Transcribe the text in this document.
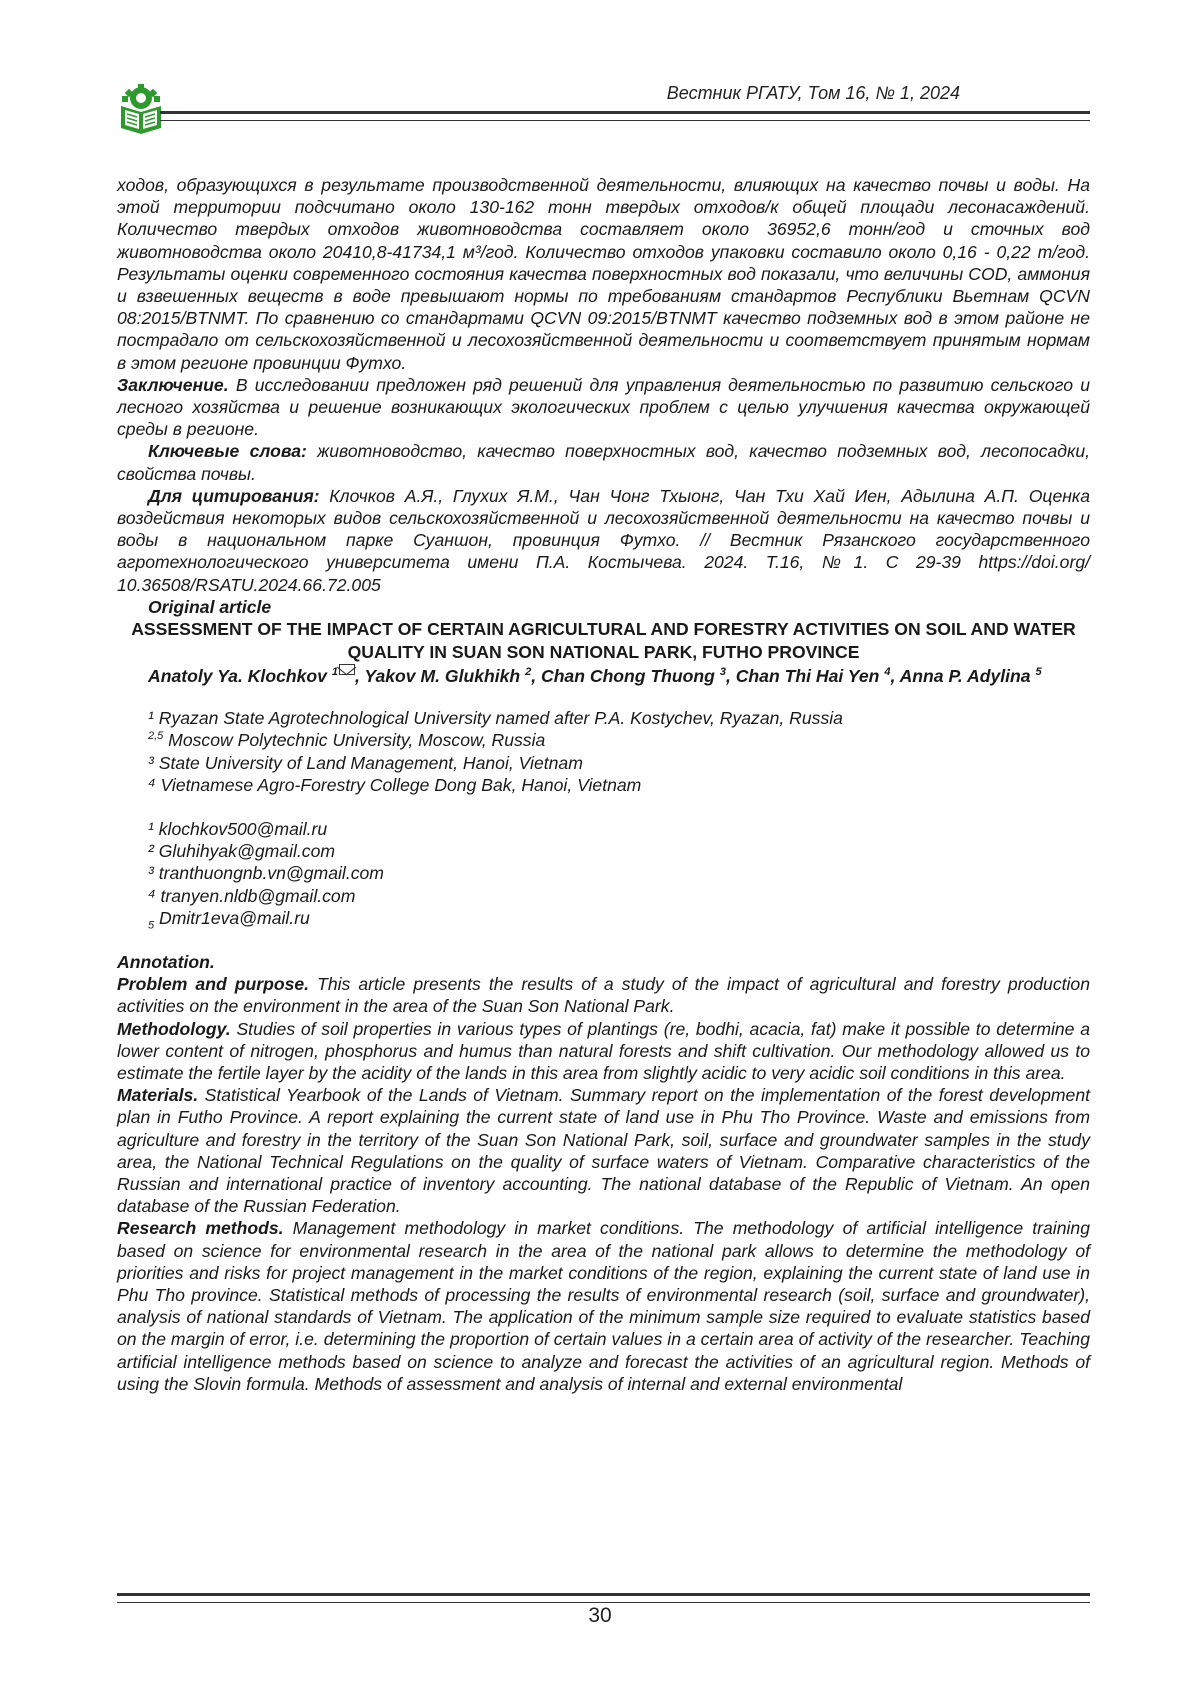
Вестник РГАТУ, Том 16, № 1, 2024

ходов, образующихся в результате производственной деятельности, влияющих на качество почвы и воды. На этой территории подсчитано около 130-162 тонн твердых отходов/к общей площади лесонасаждений. Количество твердых отходов животноводства составляет около 36952,6 тонн/год и сточных вод животноводства около 20410,8-41734,1 м³/год. Количество отходов упаковки составило около 0,16 - 0,22 т/год. Результаты оценки современного состояния качества поверхностных вод показали, что величины COD, аммония и взвешенных веществ в воде превышают нормы по требованиям стандартов Республики Вьетнам QCVN 08:2015/BTNMT. По сравнению со стандартами QCVN 09:2015/BTNMT качество подземных вод в этом районе не пострадало от сельскохозяйственной и лесохозяйственной деятельности и соответствует принятым нормам в этом регионе провинции Футхо.

Заключение. В исследовании предложен ряд решений для управления деятельностью по развитию сельского и лесного хозяйства и решение возникающих экологических проблем с целью улучшения качества окружающей среды в регионе.

Ключевые слова: животноводство, качество поверхностных вод, качество подземных вод, лесопосадки, свойства почвы.

Для цитирования: Клочков А.Я., Глухих Я.М., Чан Чонг Тхыонг, Чан Тхи Хай Иен, Адылина А.П. Оценка воздействия некоторых видов сельскохозяйственной и лесохозяйственной деятельности на качество почвы и воды в национальном парке Суаншон, провинция Футхо. // Вестник Рязанского государственного агротехнологического университета имени П.А. Костычева. 2024. Т.16, №1. С 29-39 https://doi.org/ 10.36508/RSATU.2024.66.72.005

Original article

ASSESSMENT OF THE IMPACT OF CERTAIN AGRICULTURAL AND FORESTRY ACTIVITIES ON SOIL AND WATER QUALITY IN SUAN SON NATIONAL PARK, FUTHO PROVINCE

Anatoly Ya. Klochkov $^1$ , Yakov M. Glukhikh $^2$, Chan Chong Thuong $^3$, Chan Thi Hai Yen $^4$, Anna P. Adylina $^5$

¹ Ryazan State Agrotechnological University named after P.A. Kostychev, Ryazan, Russia

$^{2,5}$ Moscow Polytechnic University, Moscow, Russia

³ State University of Land Management, Hanoi, Vietnam

⁴ Vietnamese Agro-Forestry College Dong Bak, Hanoi, Vietnam

¹ klochkov500@mail.ru

² Gluhihyak@gmail.com

³ tranthuongnb.vn@gmail.com

⁴ tranyen.nldb@gmail.com

$_5$ Dmitr1eva@mail.ru

Annotation.

Problem and purpose. This article presents the results of a study of the impact of agricultural and forestry production activities on the environment in the area of the Suan Son National Park.

Methodology. Studies of soil properties in various types of plantings (re, bodhi, acacia, fat) make it possible to determine a lower content of nitrogen, phosphorus and humus than natural forests and shift cultivation. Our methodology allowed us to estimate the fertile layer by the acidity of the lands in this area from slightly acidic to very acidic soil conditions in this area.

Materials. Statistical Yearbook of the Lands of Vietnam. Summary report on the implementation of the forest development plan in Futho Province. A report explaining the current state of land use in Phu Tho Province. Waste and emissions from agriculture and forestry in the territory of the Suan Son National Park, soil, surface and groundwater samples in the study area, the National Technical Regulations on the quality of surface waters of Vietnam. Comparative characteristics of the Russian and international practice of inventory accounting. The national database of the Republic of Vietnam. An open database of the Russian Federation.

Research methods. Management methodology in market conditions. The methodology of artificial intelligence training based on science for environmental research in the area of the national park allows to determine the methodology of priorities and risks for project management in the market conditions of the region, explaining the current state of land use in Phu Tho province. Statistical methods of processing the results of environmental research (soil, surface and groundwater), analysis of national standards of Vietnam. The application of the minimum sample size required to evaluate statistics based on the margin of error, i.e. determining the proportion of certain values in a certain area of activity of the researcher. Teaching artificial intelligence methods based on science to analyze and forecast the activities of an agricultural region. Methods of using the Slovin formula. Methods of assessment and analysis of internal and external environmental

30
